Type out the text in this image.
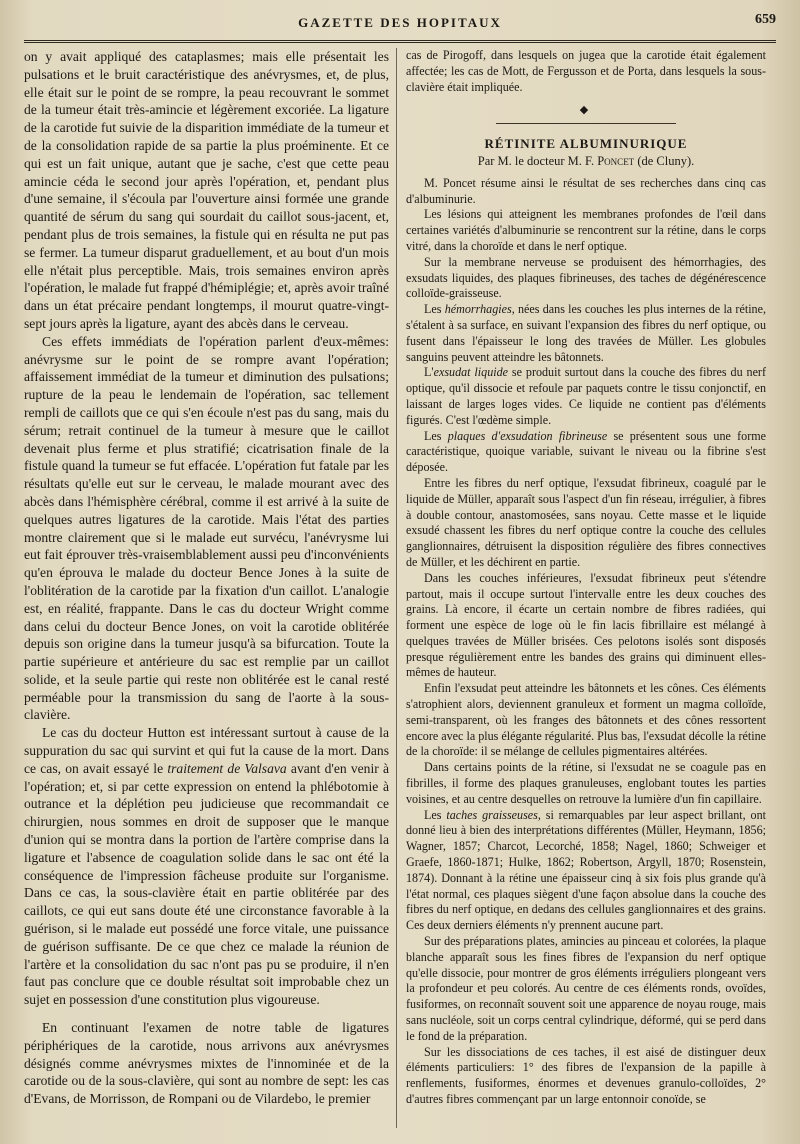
GAZETTE DES HOPITAUX	659

on y avait appliqué des cataplasmes; mais elle présentait les pulsations et le bruit caractéristique des anévrysmes, et, de plus, elle était sur le point de se rompre, la peau recouvrant le sommet de la tumeur était très-amincie et légèrement excoriée. La ligature de la carotide fut suivie de la disparition immédiate de la tumeur et de la consolidation rapide de sa partie la plus proéminente. Et ce qui est un fait unique, autant que je sache, c'est que cette peau amincie céda le second jour après l'opération, et, pendant plus d'une semaine, il s'écoula par l'ouverture ainsi formée une grande quantité de sérum du sang qui sourdait du caillot sous-jacent, et, pendant plus de trois semaines, la fistule qui en résulta ne put pas se fermer. La tumeur disparut graduellement, et au bout d'un mois elle n'était plus perceptible. Mais, trois semaines environ après l'opération, le malade fut frappé d'hémiplégie; et, après avoir traîné dans un état précaire pendant longtemps, il mourut quatre-vingt-sept jours après la ligature, ayant des abcès dans le cerveau.

Ces effets immédiats de l'opération parlent d'eux-mêmes: anévrysme sur le point de se rompre avant l'opération; affaissement immédiat de la tumeur et diminution des pulsations; rupture de la peau le lendemain de l'opération, sac tellement rempli de caillots que ce qui s'en écoule n'est pas du sang, mais du sérum; retrait continuel de la tumeur à mesure que le caillot devenait plus ferme et plus stratifié; cicatrisation finale de la fistule quand la tumeur se fut effacée. L'opération fut fatale par les résultats qu'elle eut sur le cerveau, le malade mourant avec des abcès dans l'hémisphère cérébral, comme il est arrivé à la suite de quelques autres ligatures de la carotide. Mais l'état des parties montre clairement que si le malade eut survécu, l'anévrysme lui eut fait éprouver très-vraisemblablement aussi peu d'inconvénients qu'en éprouva le malade du docteur Bence Jones à la suite de l'oblitération de la carotide par la fixation d'un caillot. L'analogie est, en réalité, frappante. Dans le cas du docteur Wright comme dans celui du docteur Bence Jones, on voit la carotide oblitérée depuis son origine dans la tumeur jusqu'à sa bifurcation. Toute la partie supérieure et antérieure du sac est remplie par un caillot solide, et la seule partie qui reste non oblitérée est le canal resté perméable pour la transmission du sang de l'aorte à la sous-clavière.

Le cas du docteur Hutton est intéressant surtout à cause de la suppuration du sac qui survint et qui fut la cause de la mort. Dans ce cas, on avait essayé le traitement de Valsava avant d'en venir à l'opération; et, si par cette expression on entend la phlébotomie à outrance et la déplétion peu judicieuse que recommandait ce chirurgien, nous sommes en droit de supposer que le manque d'union qui se montra dans la portion de l'artère comprise dans la ligature et l'absence de coagulation solide dans le sac ont été la conséquence de l'impression fâcheuse produite sur l'organisme. Dans ce cas, la sous-clavière était en partie oblitérée par des caillots, ce qui eut sans doute été une circonstance favorable à la guérison, si le malade eut possédé une force vitale, une puissance de guérison suffisante. De ce que chez ce malade la réunion de l'artère et la consolidation du sac n'ont pas pu se produire, il n'en faut pas conclure que ce double résultat soit improbable chez un sujet en possession d'une constitution plus vigoureuse.

En continuant l'examen de notre table de ligatures périphériques de la carotide, nous arrivons aux anévrysmes désignés comme anévrysmes mixtes de l'innominée et de la carotide ou de la sous-clavière, qui sont au nombre de sept: les cas d'Evans, de Morrisson, de Rompani ou de Vilardebo, le premier

cas de Pirogoff, dans lesquels on jugea que la carotide était également affectée; les cas de Mott, de Fergusson et de Porta, dans lesquels la sous-clavière était impliquée.

◆
RÉTINITE ALBUMINURIQUE
Par M. le docteur M. F. Poncet (de Cluny).

M. Poncet résume ainsi le résultat de ses recherches dans cinq cas d'albuminurie.

Les lésions qui atteignent les membranes profondes de l'œil dans certaines variétés d'albuminurie se rencontrent sur la rétine, dans le corps vitré, dans la choroïde et dans le nerf optique.

Sur la membrane nerveuse se produisent des hémorrhagies, des exsudats liquides, des plaques fibrineuses, des taches de dégénérescence colloïde-graisseuse.

Les hémorrhagies, nées dans les couches les plus internes de la rétine, s'étalent à sa surface, en suivant l'expansion des fibres du nerf optique, ou fusent dans l'épaisseur le long des travées de Müller. Les globules sanguins peuvent atteindre les bâtonnets.

L'exsudat liquide se produit surtout dans la couche des fibres du nerf optique, qu'il dissocie et refoule par paquets contre le tissu conjonctif, en laissant de larges loges vides. Ce liquide ne contient pas d'éléments figurés. C'est l'œdème simple.

Les plaques d'exsudation fibrineuse se présentent sous une forme caractéristique, quoique variable, suivant le niveau ou la fibrine s'est déposée.

Entre les fibres du nerf optique, l'exsudat fibrineux, coagulé par le liquide de Müller, apparaît sous l'aspect d'un fin réseau, irrégulier, à fibres à double contour, anastomosées, sans noyau. Cette masse et le liquide exsudé chassent les fibres du nerf optique contre la couche des cellules ganglionnaires, détruisent la disposition régulière des fibres connectives de Müller, et les déchirent en partie.

Dans les couches inférieures, l'exsudat fibrineux peut s'étendre partout, mais il occupe surtout l'intervalle entre les deux couches des grains. Là encore, il écarte un certain nombre de fibres radiées, qui forment une espèce de loge où le fin lacis fibrillaire est mélangé à quelques travées de Müller brisées. Ces pelotons isolés sont disposés presque régulièrement entre les bandes des grains qui diminuent elles-mêmes de hauteur.

Enfin l'exsudat peut atteindre les bâtonnets et les cônes. Ces éléments s'atrophient alors, deviennent granuleux et forment un magma colloïde, semi-transparent, où les franges des bâtonnets et des cônes ressortent encore avec la plus élégante régularité. Plus bas, l'exsudat décolle la rétine de la choroïde: il se mélange de cellules pigmentaires altérées.

Dans certains points de la rétine, si l'exsudat ne se coagule pas en fibrilles, il forme des plaques granuleuses, englobant toutes les parties voisines, et au centre desquelles on retrouve la lumière d'un fin capillaire.

Les taches graisseuses, si remarquables par leur aspect brillant, ont donné lieu à bien des interprétations différentes (Müller, Heymann, 1856; Wagner, 1857; Charcot, Lecorché, 1858; Nagel, 1860; Schweiger et Graefe, 1860-1871; Hulke, 1862; Robertson, Argyll, 1870; Rosenstein, 1874). Donnant à la rétine une épaisseur cinq à six fois plus grande qu'à l'état normal, ces plaques siègent d'une façon absolue dans la couche des fibres du nerf optique, en dedans des cellules ganglionnaires et des grains. Ces deux derniers éléments n'y prennent aucune part.

Sur des préparations plates, amincies au pinceau et colorées, la plaque blanche apparaît sous les fines fibres de l'expansion du nerf optique qu'elle dissocie, pour montrer de gros éléments irréguliers plongeant vers la profondeur et peu colorés. Au centre de ces éléments ronds, ovoïdes, fusiformes, on reconnaît souvent soit une apparence de noyau rouge, mais sans nucléole, soit un corps central cylindrique, déformé, qui se perd dans le fond de la préparation.

Sur les dissociations de ces taches, il est aisé de distinguer deux éléments particuliers: 1° des fibres de l'expansion de la papille à renflements, fusiformes, énormes et devenues granulo-colloïdes, 2° d'autres fibres commençant par un large entonnoir conoïde, se
